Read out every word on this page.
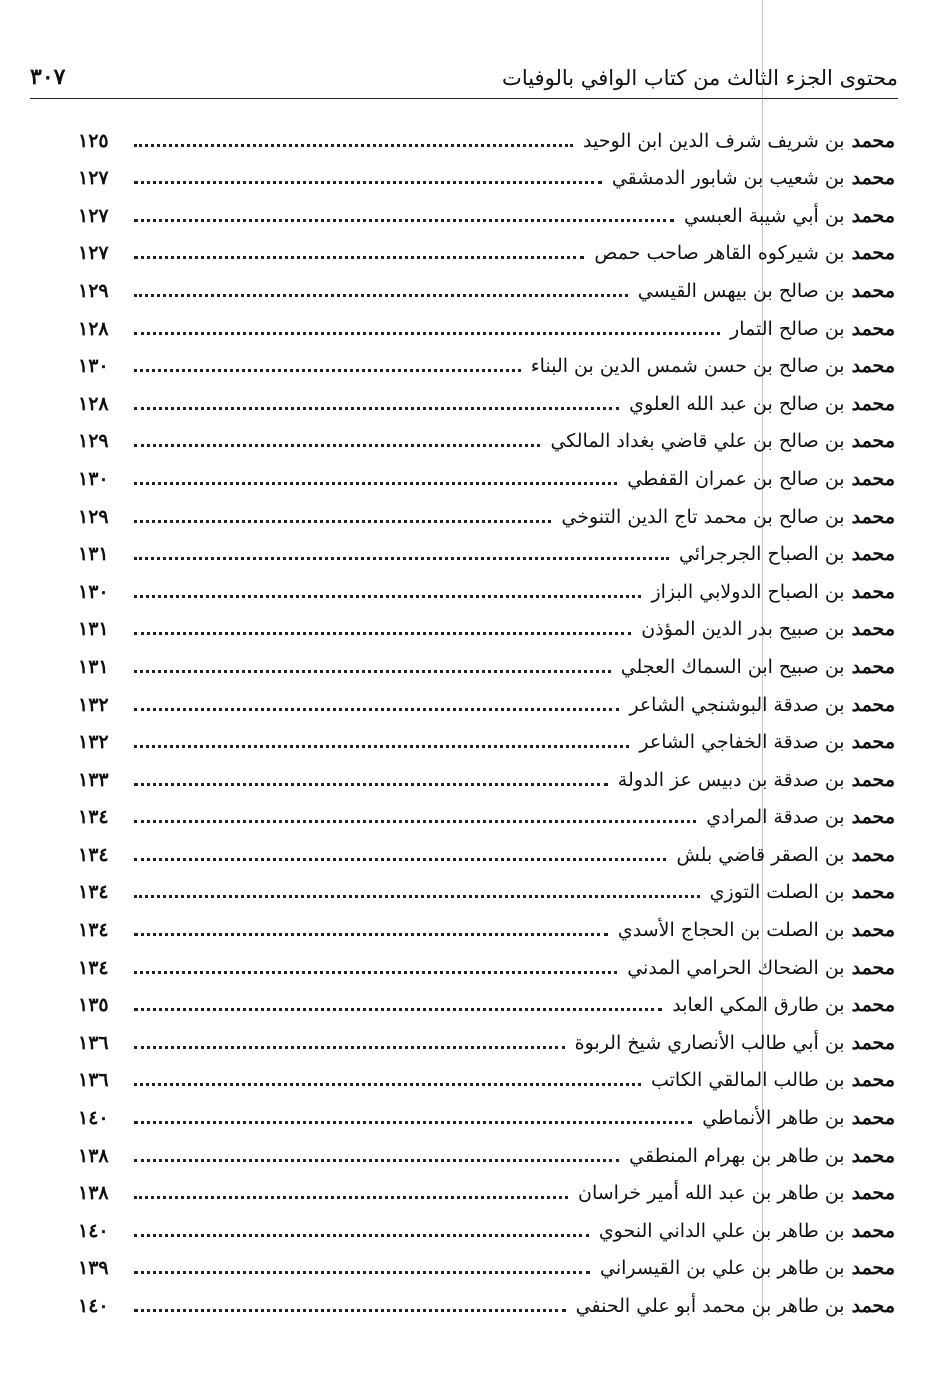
محتوى الجزء الثالث من كتاب الوافي بالوفيات
٣٠٧
محمد
بن شريف شرف الدين ابن الوحيد
١٢٥
محمد
بن شعيب بن شابور الدمشقي
١٢٧
محمد
بن أبي شيبة العبسي
١٢٧
محمد
بن شيركوه القاهر صاحب حمص
١٢٧
محمد
بن صالح بن بيهس القيسي
١٢٩
محمد
بن صالح التمار
١٢٨
محمد
بن صالح بن حسن شمس الدين بن البناء
١٣٠
محمد
بن صالح بن عبد الله العلوي
١٢٨
محمد
بن صالح بن علي قاضي بغداد المالكي
١٢٩
محمد
بن صالح بن عمران القفطي
١٣٠
محمد
بن صالح بن محمد تاج الدين التنوخي
١٢٩
محمد
بن الصباح الجرجرائي
١٣١
محمد
بن الصباح الدولابي البزاز
١٣٠
محمد
بن صبيح بدر الدين المؤذن
١٣١
محمد
بن صبيح ابن السماك العجلي
١٣١
محمد
بن صدقة البوشنجي الشاعر
١٣٢
محمد
بن صدقة الخفاجي الشاعر
١٣٢
محمد
بن صدقة بن دبيس عز الدولة
١٣٣
محمد
بن صدقة المرادي
١٣٤
محمد
بن الصقر قاضي بلش
١٣٤
محمد
بن الصلت التوزي
١٣٤
محمد
بن الصلت بن الحجاج الأسدي
١٣٤
محمد
بن الضحاك الحرامي المدني
١٣٤
محمد
بن طارق المكي العابد
١٣٥
محمد
بن أبي طالب الأنصاري شيخ الربوة
١٣٦
محمد
بن طالب المالقي الكاتب
١٣٦
محمد
بن طاهر الأنماطي
١٤٠
محمد
بن طاهر بن بهرام المنطقي
١٣٨
محمد
بن طاهر بن عبد الله أمير خراسان
١٣٨
محمد
بن طاهر بن علي الداني النحوي
١٤٠
محمد
بن طاهر بن علي بن القيسراني
١٣٩
محمد
بن طاهر بن محمد أبو علي الحنفي
١٤٠
